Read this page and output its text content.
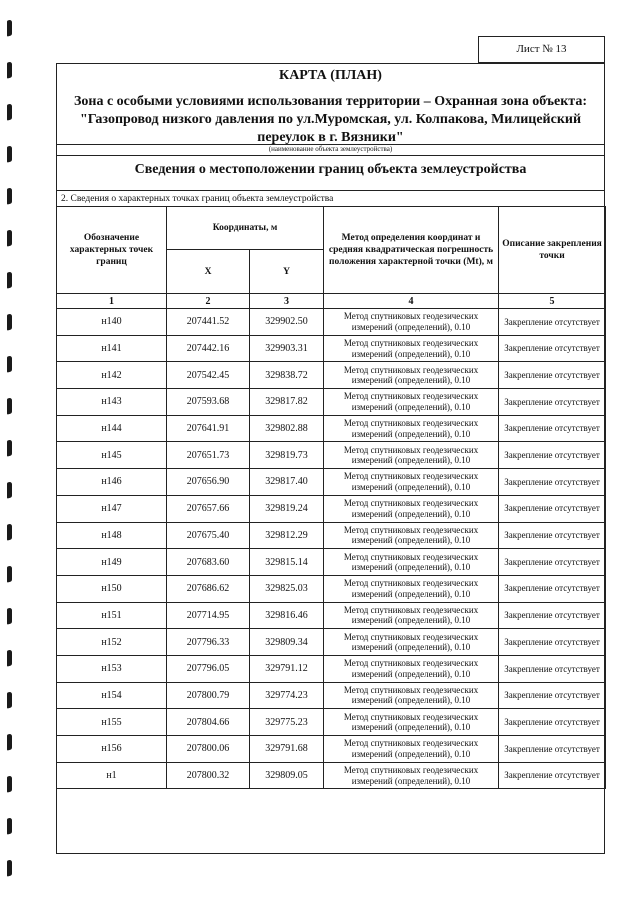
Лист № 13
КАРТА (ПЛАН)
Зона с особыми условиями использования территории – Охранная зона объекта: "Газопровод низкого давления по ул.Муромская, ул. Колпакова, Милицейский переулок в г. Вязники"
(наименование объекта землеустройства)
Сведения о местоположении границ объекта землеустройства
2. Сведения о характерных точках границ объекта землеустройства
Обозначение характерных точек границ	Координаты, м		Метод определения координат и средняя квадратическая погрешность положения характерной точки (Mt), м	Описание закрепления точки
	X	Y		
1	2	3	4	5
н140	207441.52	329902.50	Метод спутниковых геодезических измерений (определений), 0.10	Закрепление отсутствует
н141	207442.16	329903.31	Метод спутниковых геодезических измерений (определений), 0.10	Закрепление отсутствует
н142	207542.45	329838.72	Метод спутниковых геодезических измерений (определений), 0.10	Закрепление отсутствует
н143	207593.68	329817.82	Метод спутниковых геодезических измерений (определений), 0.10	Закрепление отсутствует
н144	207641.91	329802.88	Метод спутниковых геодезических измерений (определений), 0.10	Закрепление отсутствует
н145	207651.73	329819.73	Метод спутниковых геодезических измерений (определений), 0.10	Закрепление отсутствует
н146	207656.90	329817.40	Метод спутниковых геодезических измерений (определений), 0.10	Закрепление отсутствует
н147	207657.66	329819.24	Метод спутниковых геодезических измерений (определений), 0.10	Закрепление отсутствует
н148	207675.40	329812.29	Метод спутниковых геодезических измерений (определений), 0.10	Закрепление отсутствует
н149	207683.60	329815.14	Метод спутниковых геодезических измерений (определений), 0.10	Закрепление отсутствует
н150	207686.62	329825.03	Метод спутниковых геодезических измерений (определений), 0.10	Закрепление отсутствует
н151	207714.95	329816.46	Метод спутниковых геодезических измерений (определений), 0.10	Закрепление отсутствует
н152	207796.33	329809.34	Метод спутниковых геодезических измерений (определений), 0.10	Закрепление отсутствует
н153	207796.05	329791.12	Метод спутниковых геодезических измерений (определений), 0.10	Закрепление отсутствует
н154	207800.79	329774.23	Метод спутниковых геодезических измерений (определений), 0.10	Закрепление отсутствует
н155	207804.66	329775.23	Метод спутниковых геодезических измерений (определений), 0.10	Закрепление отсутствует
н156	207800.06	329791.68	Метод спутниковых геодезических измерений (определений), 0.10	Закрепление отсутствует
н1	207800.32	329809.05	Метод спутниковых геодезических измерений (определений), 0.10	Закрепление отсутствует
